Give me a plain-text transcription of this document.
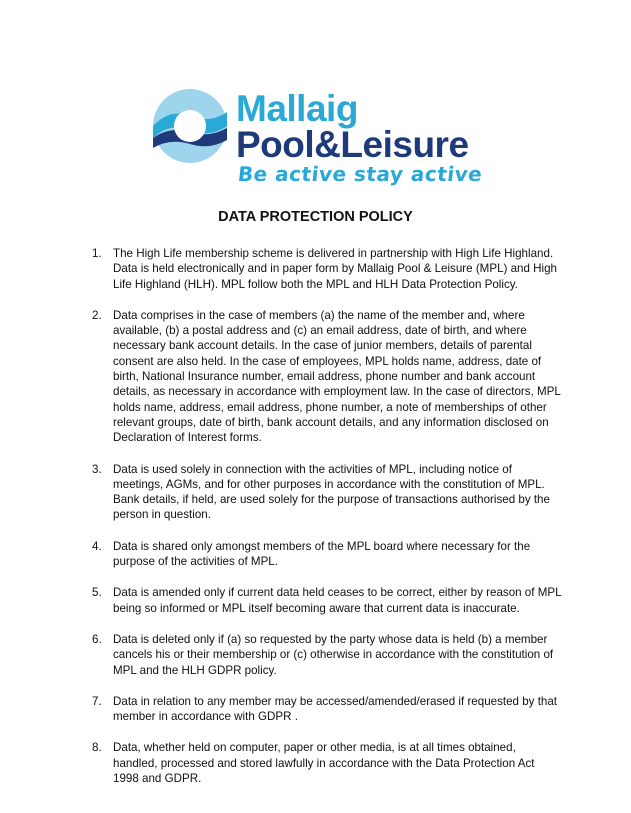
Mallaig
Pool&Leisure
Be active stay active
DATA PROTECTION POLICY
1. The High Life membership scheme is delivered in partnership with High Life Highland. Data is held electronically and in paper form by Mallaig Pool & Leisure (MPL) and High Life Highland (HLH). MPL follow both the MPL and HLH Data Protection Policy.
2. Data comprises in the case of members (a) the name of the member and, where available, (b) a postal address and (c) an email address, date of birth, and where necessary bank account details. In the case of junior members, details of parental consent are also held. In the case of employees, MPL holds name, address, date of birth, National Insurance number, email address, phone number and bank account details, as necessary in accordance with employment law. In the case of directors, MPL holds name, address, email address, phone number, a note of memberships of other relevant groups, date of birth, bank account details, and any information disclosed on Declaration of Interest forms.
3. Data is used solely in connection with the activities of MPL, including notice of meetings, AGMs, and for other purposes in accordance with the constitution of MPL. Bank details, if held, are used solely for the purpose of transactions authorised by the person in question.
4. Data is shared only amongst members of the MPL board where necessary for the purpose of the activities of MPL.
5. Data is amended only if current data held ceases to be correct, either by reason of MPL being so informed or MPL itself becoming aware that current data is inaccurate.
6. Data is deleted only if (a) so requested by the party whose data is held (b) a member cancels his or their membership or (c) otherwise in accordance with the constitution of MPL and the HLH GDPR policy.
7. Data in relation to any member may be accessed/amended/erased if requested by that member in accordance with GDPR .
8. Data, whether held on computer, paper or other media, is at all times obtained, handled, processed and stored lawfully in accordance with the Data Protection Act 1998 and GDPR.
